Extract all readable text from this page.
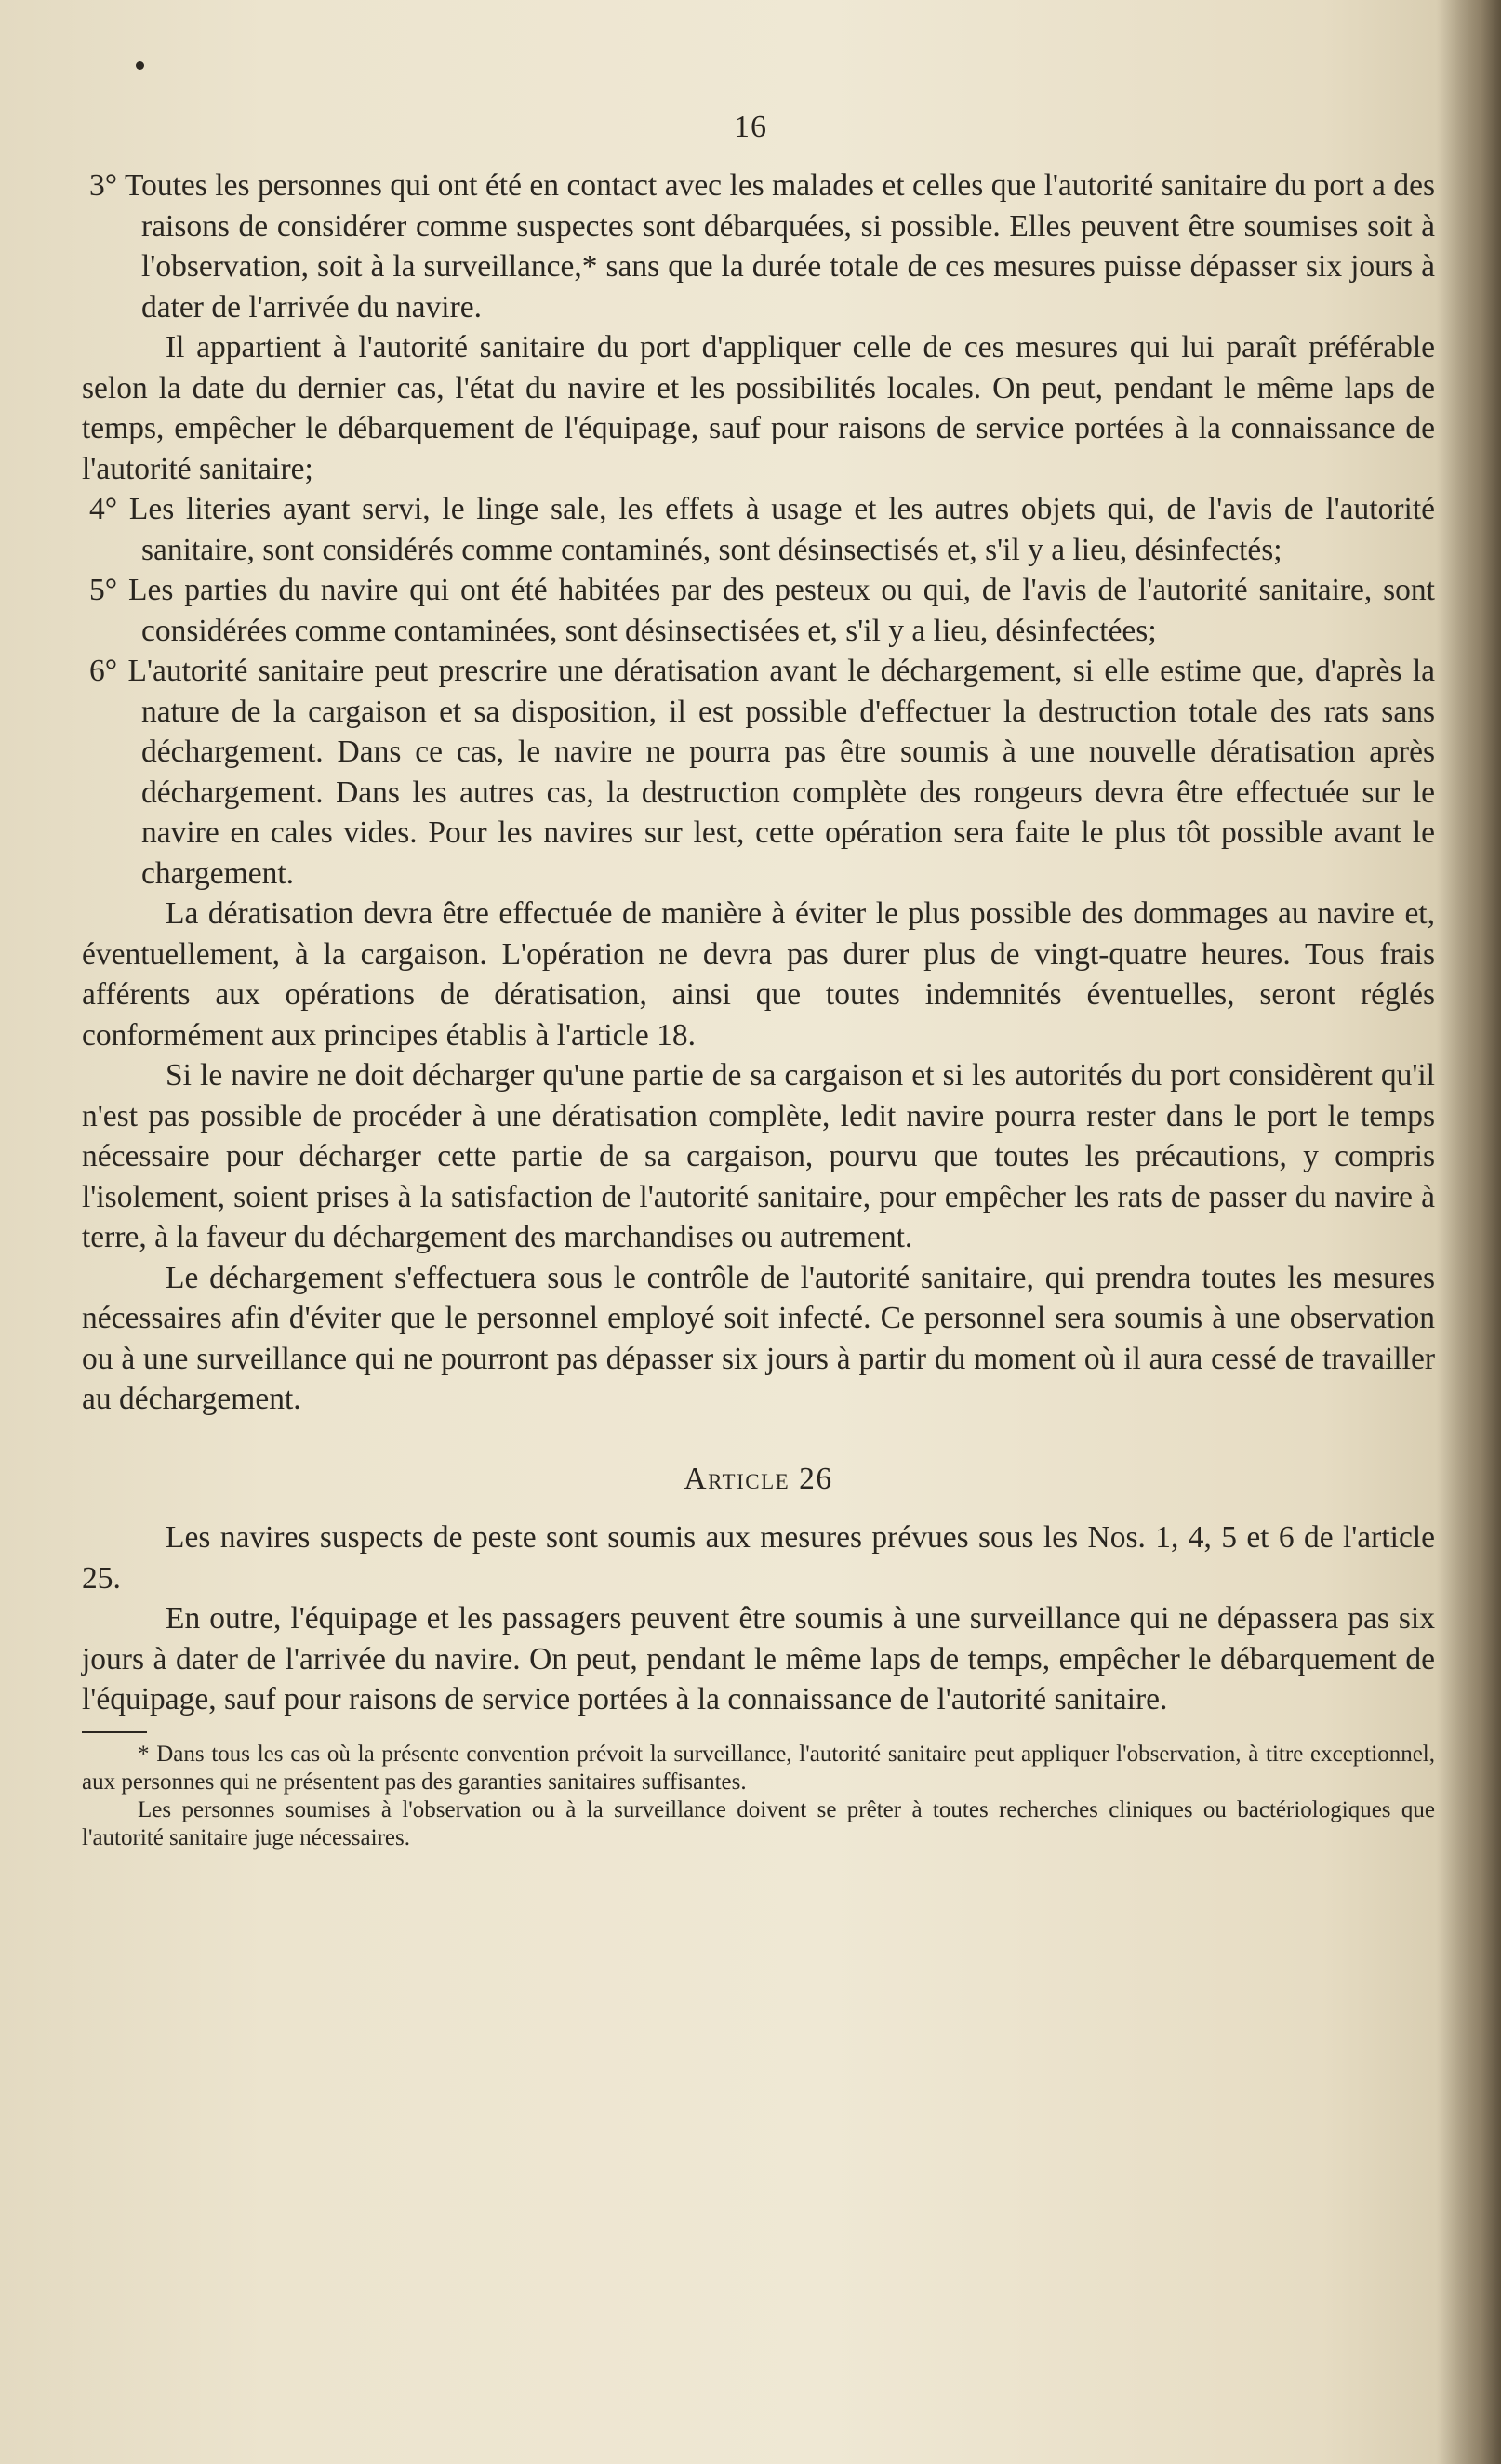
16

3° Toutes les personnes qui ont été en contact avec les malades et celles que l'autorité sanitaire du port a des raisons de considérer comme suspectes sont débarquées, si possible. Elles peuvent être soumises soit à l'observation, soit à la surveillance,* sans que la durée totale de ces mesures puisse dépasser six jours à dater de l'arrivée du navire.

Il appartient à l'autorité sanitaire du port d'appliquer celle de ces mesures qui lui paraît préférable selon la date du dernier cas, l'état du navire et les possibilités locales. On peut, pendant le même laps de temps, empêcher le débarquement de l'équipage, sauf pour raisons de service portées à la connaissance de l'autorité sanitaire;

4° Les literies ayant servi, le linge sale, les effets à usage et les autres objets qui, de l'avis de l'autorité sanitaire, sont considérés comme contaminés, sont désinsectisés et, s'il y a lieu, désinfectés;

5° Les parties du navire qui ont été habitées par des pesteux ou qui, de l'avis de l'autorité sanitaire, sont considérées comme contaminées, sont désinsectisées et, s'il y a lieu, désinfectées;

6° L'autorité sanitaire peut prescrire une dératisation avant le déchargement, si elle estime que, d'après la nature de la cargaison et sa disposition, il est possible d'effectuer la destruction totale des rats sans déchargement. Dans ce cas, le navire ne pourra pas être soumis à une nouvelle dératisation après déchargement. Dans les autres cas, la destruction complète des rongeurs devra être effectuée sur le navire en cales vides. Pour les navires sur lest, cette opération sera faite le plus tôt possible avant le chargement.

La dératisation devra être effectuée de manière à éviter le plus possible des dommages au navire et, éventuellement, à la cargaison. L'opération ne devra pas durer plus de vingt-quatre heures. Tous frais afférents aux opérations de dératisation, ainsi que toutes indemnités éventuelles, seront réglés conformément aux principes établis à l'article 18.

Si le navire ne doit décharger qu'une partie de sa cargaison et si les autorités du port considèrent qu'il n'est pas possible de procéder à une dératisation complète, ledit navire pourra rester dans le port le temps nécessaire pour décharger cette partie de sa cargaison, pourvu que toutes les précautions, y compris l'isolement, soient prises à la satisfaction de l'autorité sanitaire, pour empêcher les rats de passer du navire à terre, à la faveur du déchargement des marchandises ou autrement.

Le déchargement s'effectuera sous le contrôle de l'autorité sanitaire, qui prendra toutes les mesures nécessaires afin d'éviter que le personnel employé soit infecté. Ce personnel sera soumis à une observation ou à une surveillance qui ne pourront pas dépasser six jours à partir du moment où il aura cessé de travailler au déchargement.

Article 26

Les navires suspects de peste sont soumis aux mesures prévues sous les Nos. 1, 4, 5 et 6 de l'article 25.

En outre, l'équipage et les passagers peuvent être soumis à une surveillance qui ne dépassera pas six jours à dater de l'arrivée du navire. On peut, pendant le même laps de temps, empêcher le débarquement de l'équipage, sauf pour raisons de service portées à la connaissance de l'autorité sanitaire.

* Dans tous les cas où la présente convention prévoit la surveillance, l'autorité sanitaire peut appliquer l'observation, à titre exceptionnel, aux personnes qui ne présentent pas des garanties sanitaires suffisantes.

Les personnes soumises à l'observation ou à la surveillance doivent se prêter à toutes recherches cliniques ou bactériologiques que l'autorité sanitaire juge nécessaires.
